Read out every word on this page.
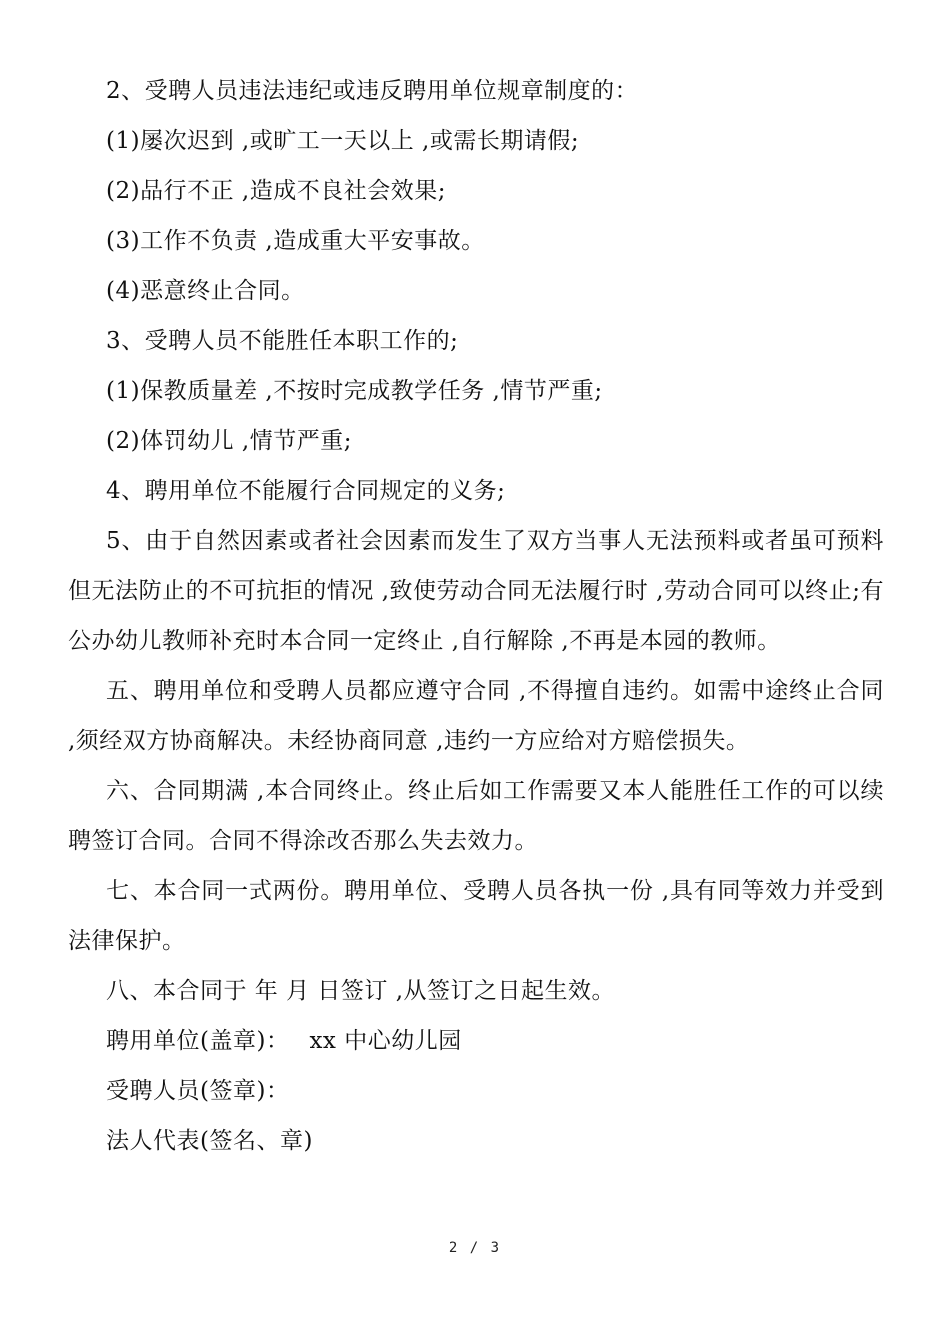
2、受聘人员违法违纪或违反聘用单位规章制度的：
(1)屡次迟到 ,或旷工一天以上 ,或需长期请假;
(2)品行不正 ,造成不良社会效果;
(3)工作不负责 ,造成重大平安事故。
(4)恶意终止合同。
3、受聘人员不能胜任本职工作的;
(1)保教质量差 ,不按时完成教学任务 ,情节严重;
(2)体罚幼儿 ,情节严重;
4、聘用单位不能履行合同规定的义务;
5、由于自然因素或者社会因素而发生了双方当事人无法预料或者虽可预料但无法防止的不可抗拒的情况 ,致使劳动合同无法履行时 ,劳动合同可以终止;有公办幼儿教师补充时本合同一定终止 ,自行解除 ,不再是本园的教师。
五、聘用单位和受聘人员都应遵守合同 ,不得擅自违约。如需中途终止合同 ,须经双方协商解决。未经协商同意 ,违约一方应给对方赔偿损失。
六、合同期满 ,本合同终止。终止后如工作需要又本人能胜任工作的可以续聘签订合同。合同不得涂改否那么失去效力。
七、本合同一式两份。聘用单位、受聘人员各执一份 ,具有同等效力并受到法律保护。
八、本合同于 年 月 日签订 ,从签订之日起生效。
聘用单位(盖章)： xx 中心幼儿园
受聘人员(签章)：
法人代表(签名、章)
2 / 3
